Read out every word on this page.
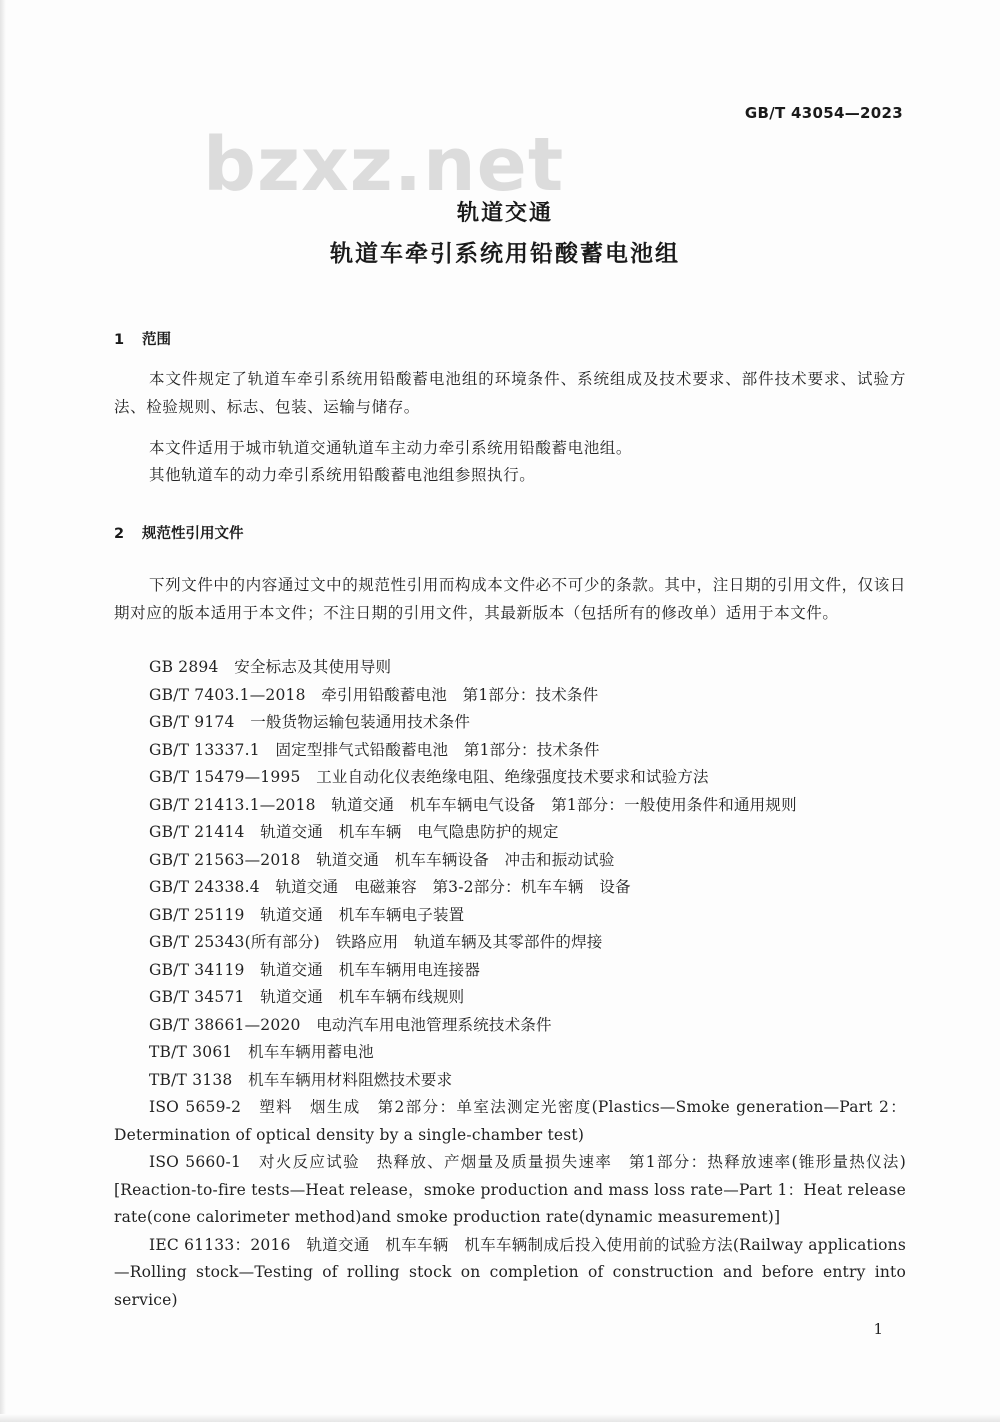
GB/T 43054—2023
bzxz.net
轨道交通
轨道车牵引系统用铅酸蓄电池组
1 范围

本文件规定了轨道车牵引系统用铅酸蓄电池组的环境条件、系统组成及技术要求、部件技术要求、试验方法、检验规则、标志、包装、运输与储存。

本文件适用于城市轨道交通轨道车主动力牵引系统用铅酸蓄电池组。

其他轨道车的动力牵引系统用铅酸蓄电池组参照执行。

2 规范性引用文件

下列文件中的内容通过文中的规范性引用而构成本文件必不可少的条款。其中，注日期的引用文件，仅该日期对应的版本适用于本文件；不注日期的引用文件，其最新版本（包括所有的修改单）适用于本文件。

GB 2894　 安全标志及其使用导则
GB/T 7403.1—2018　 牵引用铅酸蓄电池　第1部分：技术条件
GB/T 9174　 一般货物运输包装通用技术条件
GB/T 13337.1　 固定型排气式铅酸蓄电池　第1部分：技术条件
GB/T 15479—1995　 工业自动化仪表绝缘电阻、绝缘强度技术要求和试验方法
GB/T 21413.1—2018　 轨道交通　机车车辆电气设备　第1部分：一般使用条件和通用规则
GB/T 21414　 轨道交通　机车车辆　电气隐患防护的规定
GB/T 21563—2018　 轨道交通　机车车辆设备　冲击和振动试验
GB/T 24338.4　 轨道交通　电磁兼容　第3-2部分：机车车辆　设备
GB/T 25119　 轨道交通　机车车辆电子装置
GB/T 25343(所有部分)　 铁路应用　轨道车辆及其零部件的焊接
GB/T 34119　 轨道交通　机车车辆用电连接器
GB/T 34571　 轨道交通　机车车辆布线规则
GB/T 38661—2020　 电动汽车用电池管理系统技术条件
TB/T 3061　 机车车辆用蓄电池
TB/T 3138　 机车车辆用材料阻燃技术要求
ISO 5659-2　 塑料　烟生成　第2部分：单室法测定光密度(Plastics—Smoke generation—Part 2：Determination of optical density by a single-chamber test)
ISO 5660-1　 对火反应试验　热释放、产烟量及质量损失速率　第1部分：热释放速率(锥形量热仪法)[Reaction-to-fire tests—Heat release，smoke production and mass loss rate—Part 1：Heat release rate(cone calorimeter method)and smoke production rate(dynamic measurement)]
IEC 61133：2016　 轨道交通　机车车辆　机车车辆制成后投入使用前的试验方法(Railway applications—Rolling stock—Testing of rolling stock on completion of construction and before entry into service)
1
